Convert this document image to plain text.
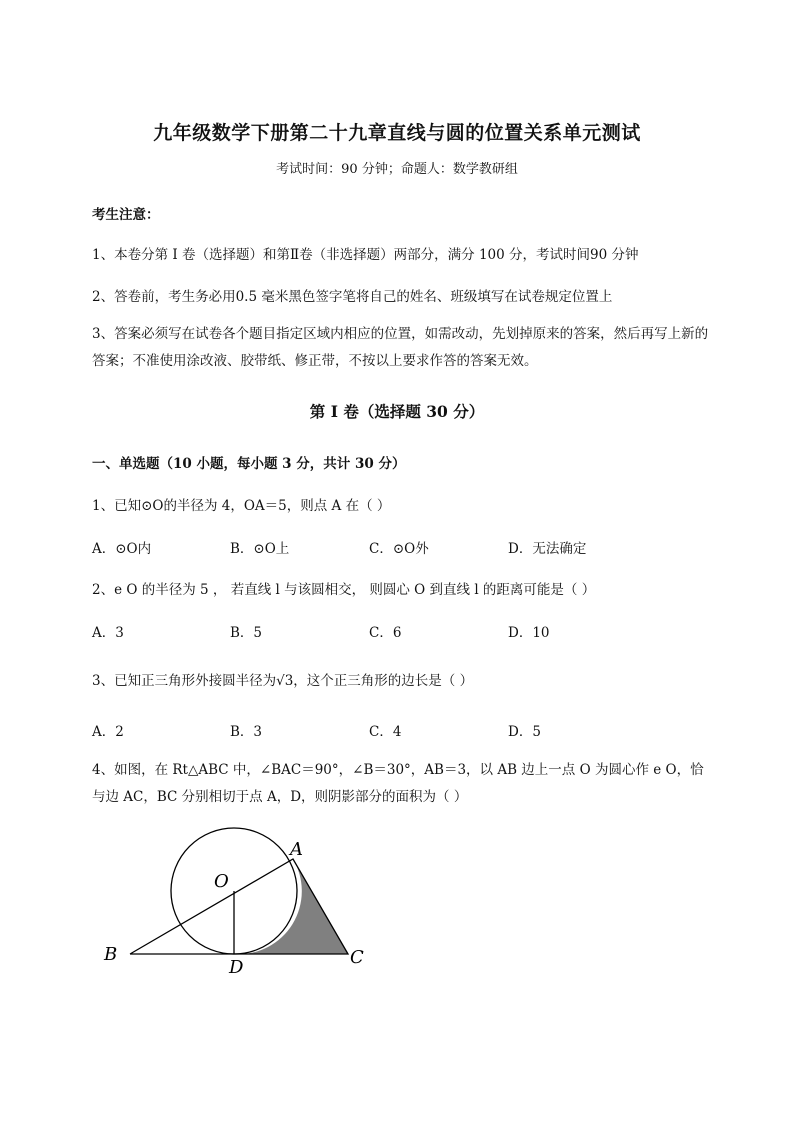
九年级数学下册第二十九章直线与圆的位置关系单元测试
考试时间：90 分钟；命题人：数学教研组
考生注意：
1、本卷分第 I 卷（选择题）和第Ⅱ卷（非选择题）两部分，满分 100 分，考试时间90 分钟
2、答卷前，考生务必用0.5 毫米黑色签字笔将自己的姓名、班级填写在试卷规定位置上
3、答案必须写在试卷各个题目指定区域内相应的位置，如需改动，先划掉原来的答案，然后再写上新的答案；不准使用涂改液、胶带纸、修正带，不按以上要求作答的答案无效。
第 I 卷（选择题 30 分）
一、单选题（10 小题，每小题 3 分，共计 30 分）
1、已知⊙O的半径为 4，OA＝5，则点 A 在（ ）
A．⊙O内	B．⊙O上	C．⊙O外	D．无法确定
2、e O 的半径为 5 ， 若直线 l 与该圆相交， 则圆心 O 到直线 l 的距离可能是（ ）
A．3	B．5	C．6	D．10
3、已知正三角形外接圆半径为√3，这个正三角形的边长是（ ）
A．2	B．3	C．4	D．5
4、如图，在 Rt△ABC 中，∠BAC＝90°，∠B＝30°，AB＝3，以 AB 边上一点 O 为圆心作 e O，恰与边 AC，BC 分别相切于点 A，D，则阴影部分的面积为（ ）
A
O
B
D	C
